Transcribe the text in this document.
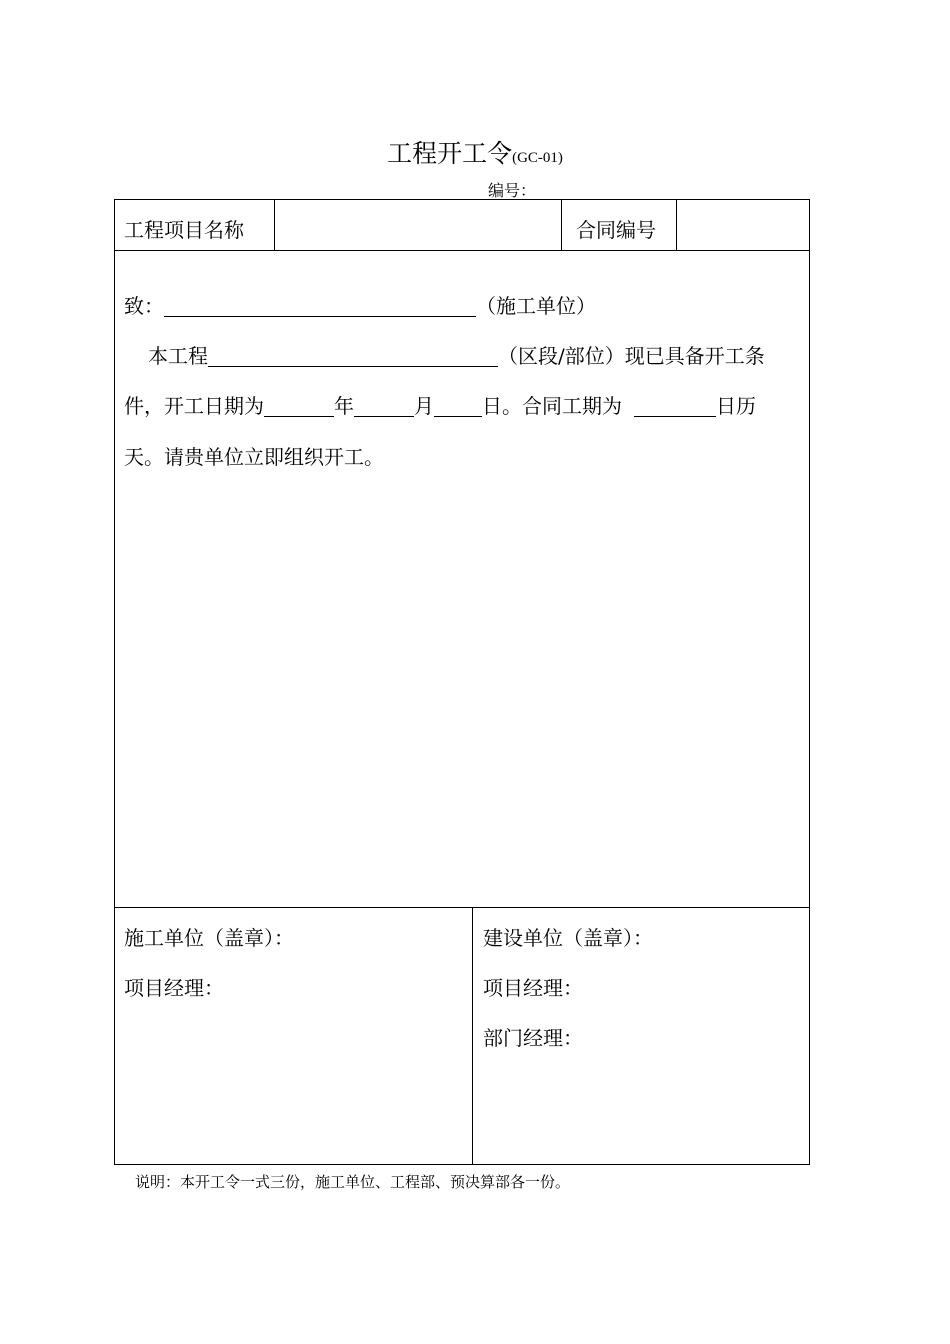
工程开工令(GC-01)
编号：
工程项目名称	合同编号
致：	（施工单位）
本工程	（区段/部位）现已具备开工条
件，开工日期为	年	月 日。合同工期为	日历
天。请贵单位立即组织开工。
施工单位（盖章）：
项目经理：
建设单位（盖章）：
项目经理：
部门经理：
说明：本开工令一式三份，施工单位、工程部、预决算部各一份。
